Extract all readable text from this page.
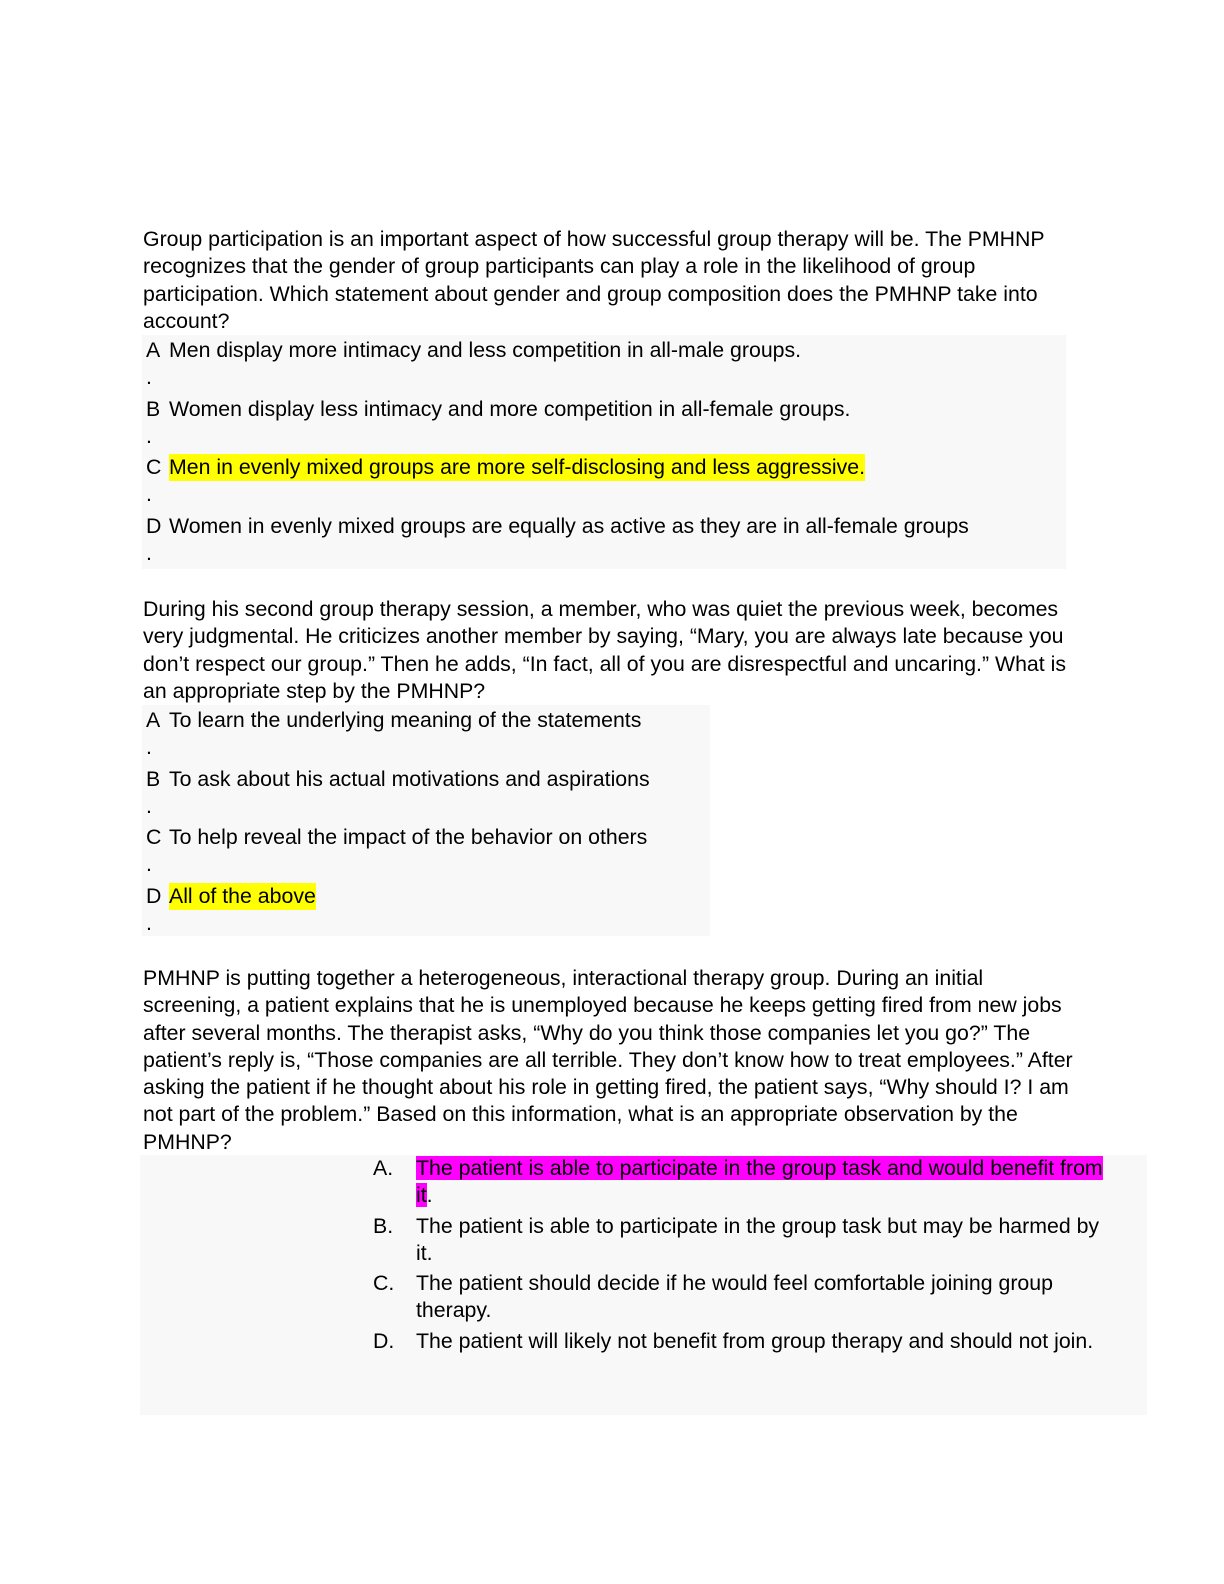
Group participation is an important aspect of how successful group therapy will be. The PMHNP recognizes that the gender of group participants can play a role in the likelihood of group participation. Which statement about gender and group composition does the PMHNP take into account?

A
.
Men display more intimacy and less competition in all-male groups.
B
.
Women display less intimacy and more competition in all-female groups.
C
.
Men in evenly mixed groups are more self-disclosing and less aggressive.
D
.
Women in evenly mixed groups are equally as active as they are in all-female groups

During his second group therapy session, a member, who was quiet the previous week, becomes very judgmental. He criticizes another member by saying, “Mary, you are always late because you don’t respect our group.” Then he adds, “In fact, all of you are disrespectful and uncaring.” What is an appropriate step by the PMHNP?

A
.
To learn the underlying meaning of the statements
B
.
To ask about his actual motivations and aspirations
C
.
To help reveal the impact of the behavior on others
D
.
All of the above

PMHNP is putting together a heterogeneous, interactional therapy group. During an initial screening, a patient explains that he is unemployed because he keeps getting fired from new jobs after several months. The therapist asks, “Why do you think those companies let you go?” The patient’s reply is, “Those companies are all terrible. They don’t know how to treat employees.” After asking the patient if he thought about his role in getting fired, the patient says, “Why should I? I am not part of the problem.” Based on this information, what is an appropriate observation by the PMHNP?

A. The patient is able to participate in the group task and would benefit from it.
B. The patient is able to participate in the group task but may be harmed by it.
C. The patient should decide if he would feel comfortable joining group therapy.
D. The patient will likely not benefit from group therapy and should not join.
